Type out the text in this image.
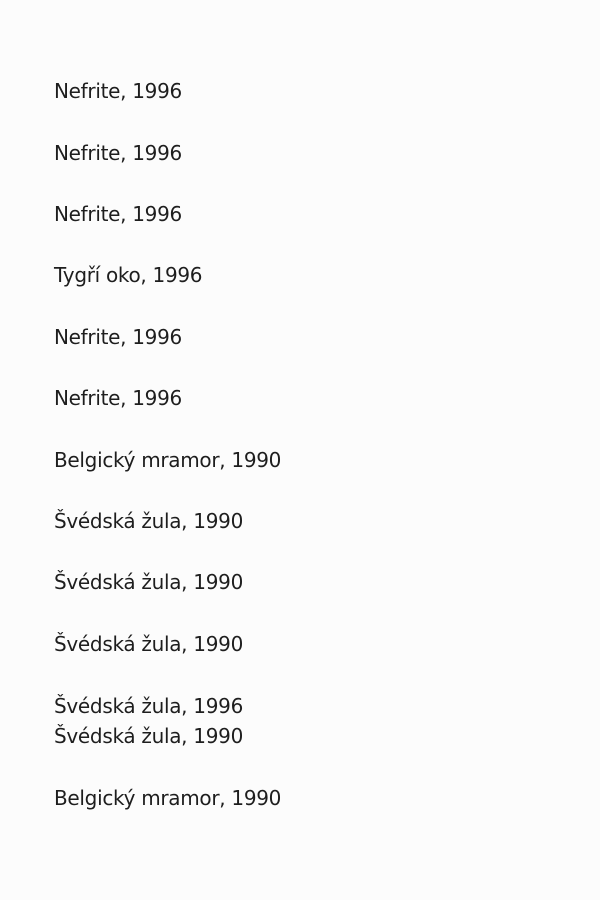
Nefrite, 1996

Nefrite, 1996

Nefrite, 1996

Tygří oko, 1996

Nefrite, 1996

Nefrite, 1996

Belgický mramor, 1990

Švédská žula, 1990

Švédská žula, 1990

Švédská žula, 1990

Švédská žula, 1996

Švédská žula, 1990

Belgický mramor, 1990
